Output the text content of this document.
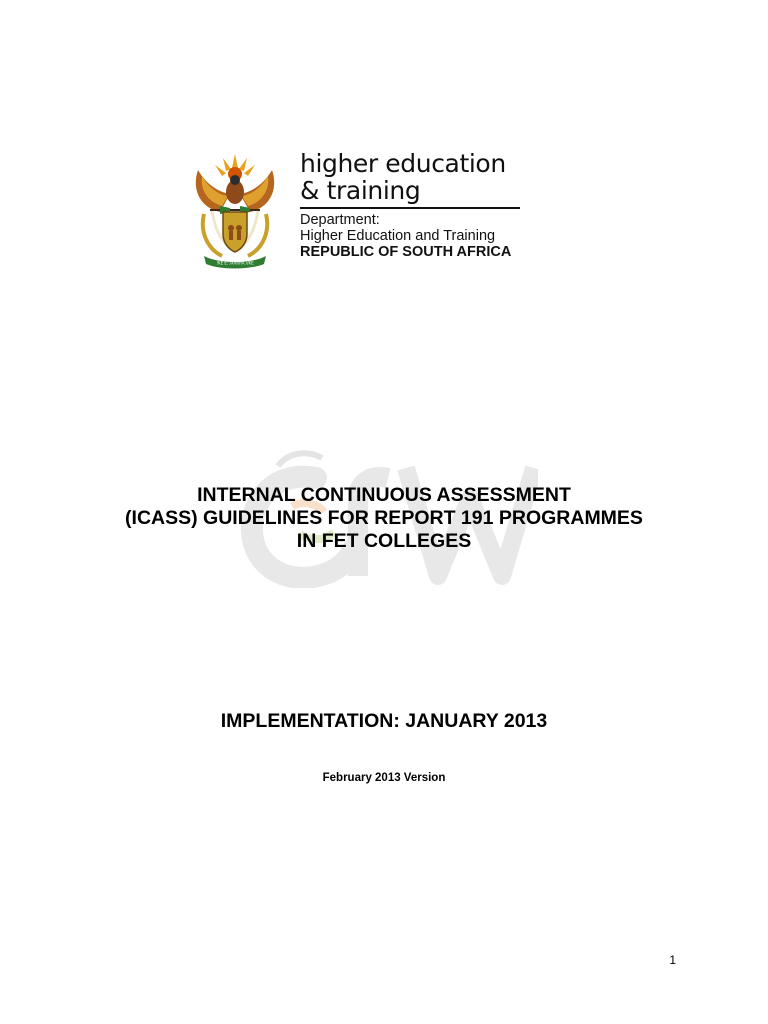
!KE E: /XARRA //KE
higher education
& training
Department:
Higher Education and Training
REPUBLIC OF SOUTH AFRICA
INTERNAL CONTINUOUS ASSESSMENT
(ICASS) GUIDELINES FOR REPORT 191 PROGRAMMES
IN FET COLLEGES
IMPLEMENTATION: JANUARY 2013
February 2013 Version
1
